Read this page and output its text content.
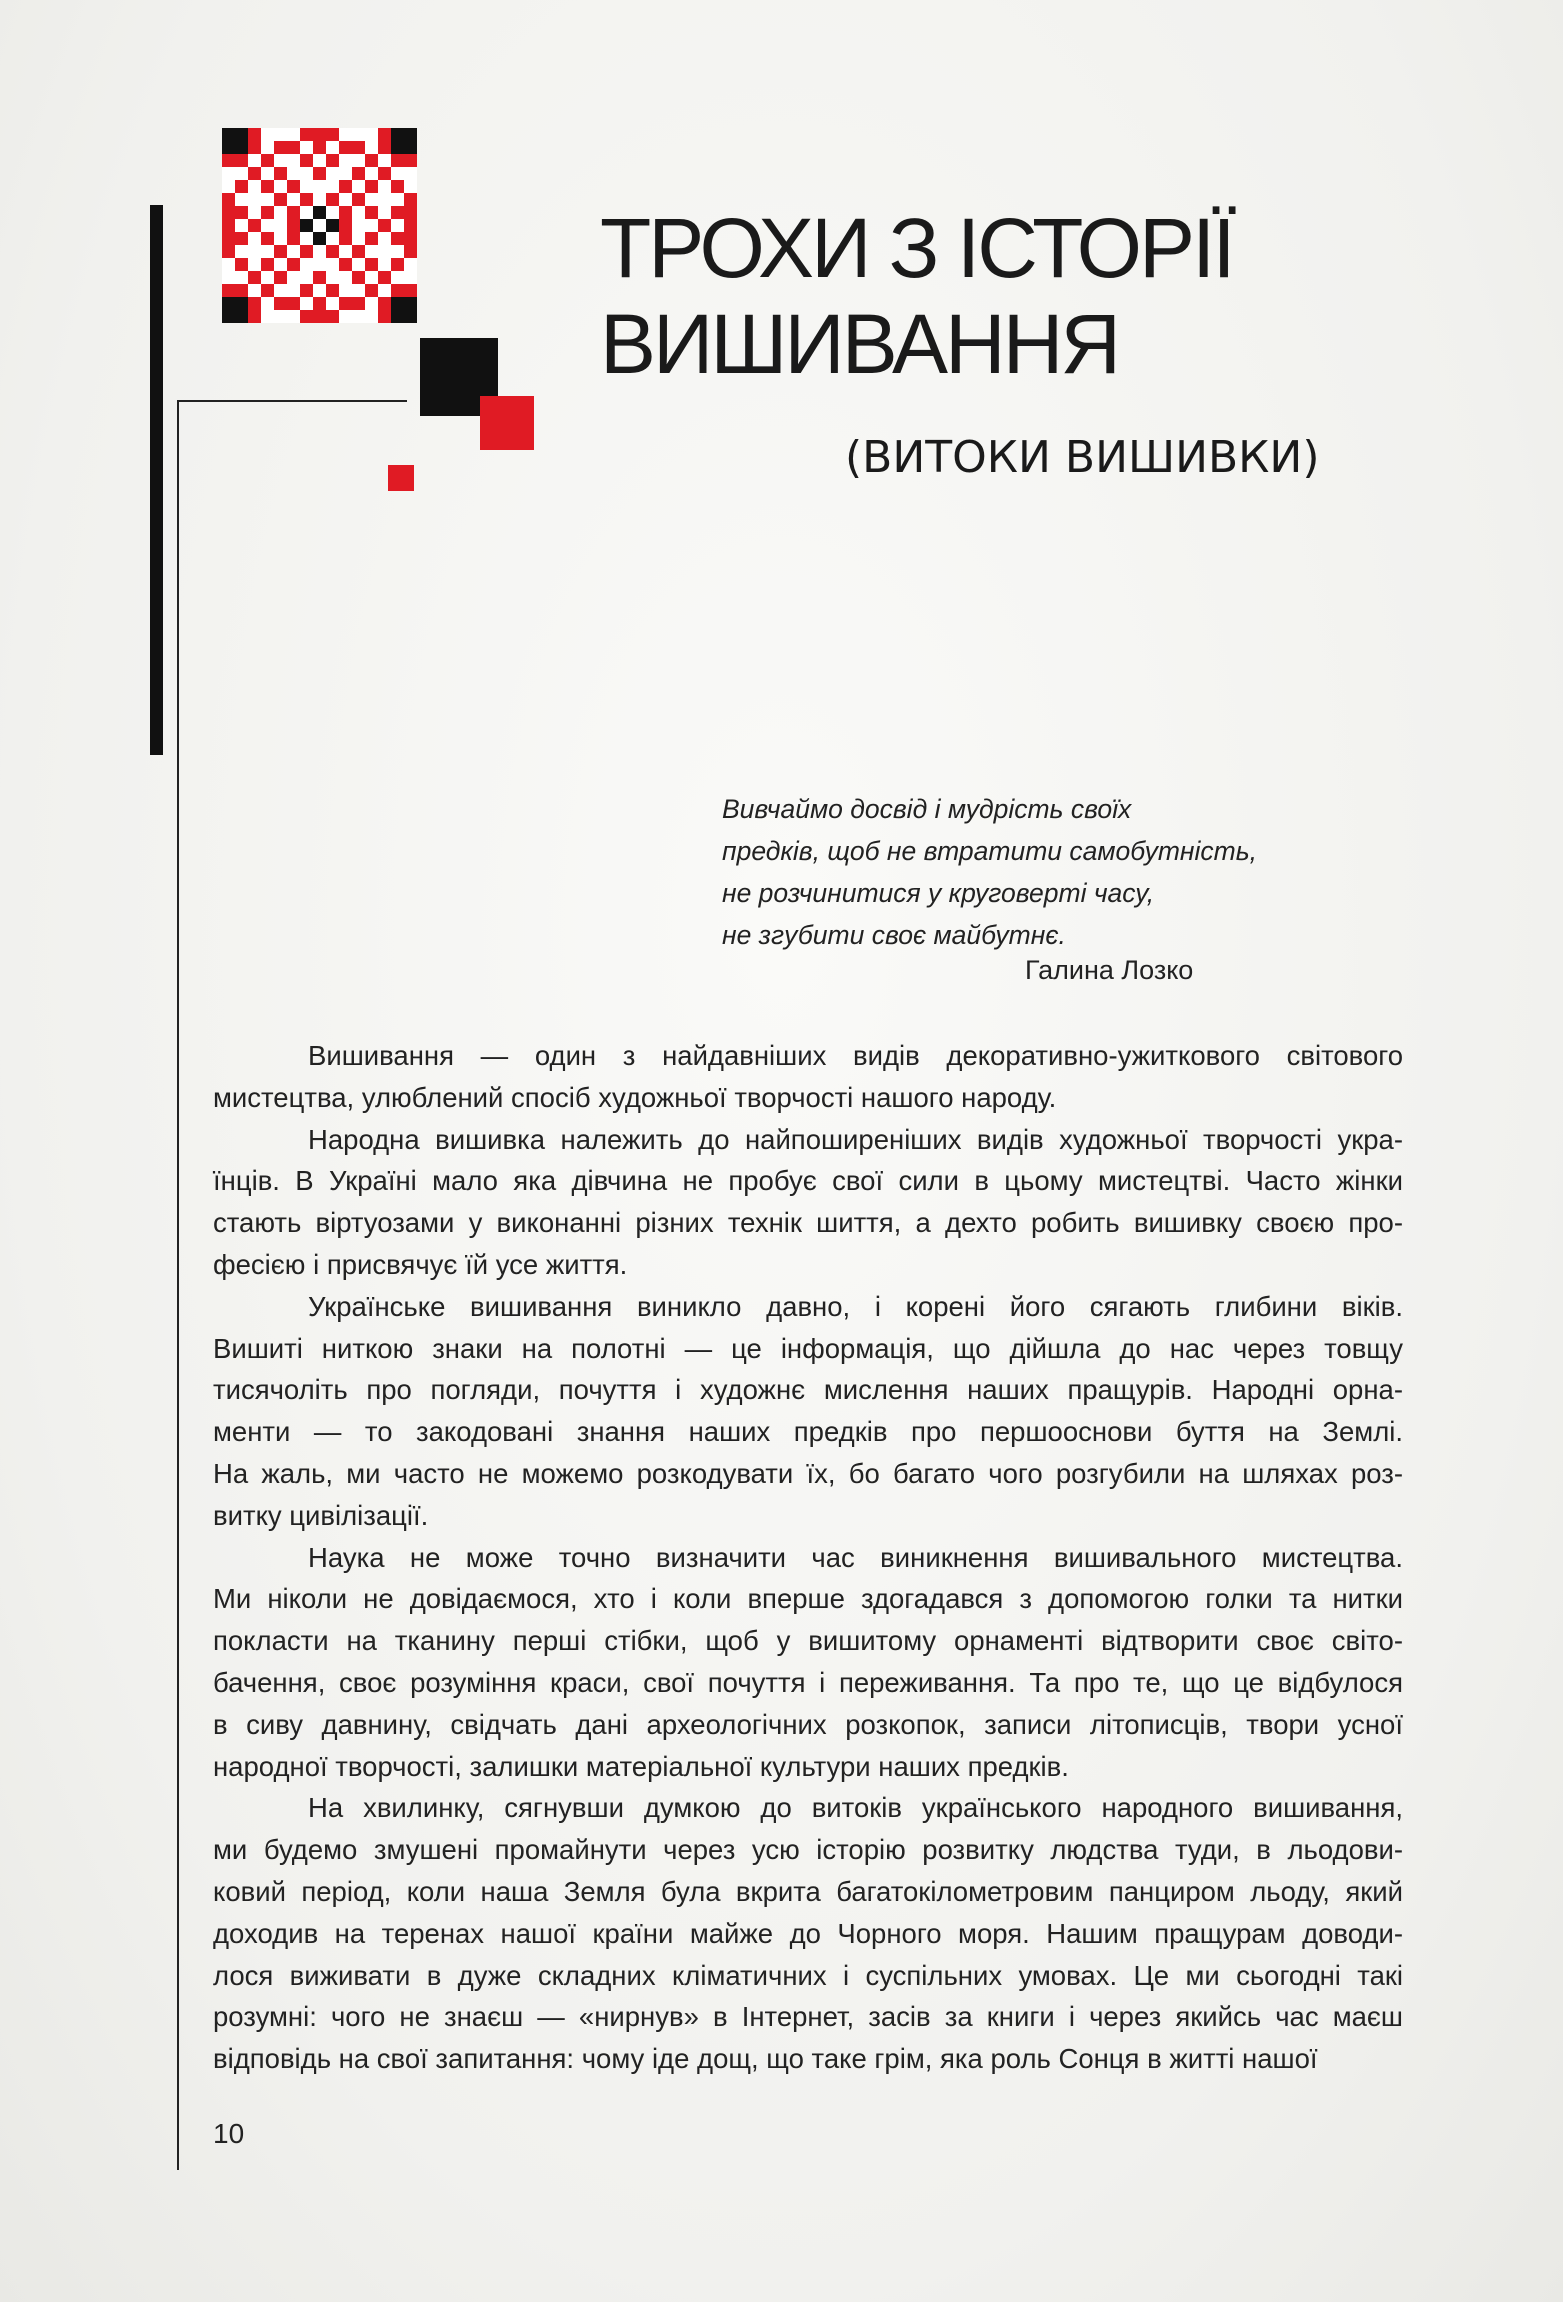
ТРОХИ З ІСТОРІЇ
ВИШИВАННЯ
(ВИТОКИ ВИШИВКИ)
Вивчаймо досвід і мудрість своїх
предків, щоб не втратити самобутність,
не розчинитися у круговерті часу,
не згубити своє майбутнє.
Галина Лозко
Вишивання — один з найдавніших видів декоративно-ужиткового світового
мистецтва, улюблений спосіб художньої творчості нашого народу.
Народна вишивка належить до найпоширеніших видів художньої творчості укра-
їнців. В Україні мало яка дівчина не пробує свої сили в цьому мистецтві. Часто жінки
стають віртуозами у виконанні різних технік шиття, а дехто робить вишивку своєю про-
фесією і присвячує їй усе життя.
Українське вишивання виникло давно, і корені його сягають глибини віків.
Вишиті ниткою знаки на полотні — це інформація, що дійшла до нас через товщу
тисячоліть про погляди, почуття і художнє мислення наших пращурів. Народні орна-
менти — то закодовані знання наших предків про першооснови буття на Землі.
На жаль, ми часто не можемо розкодувати їх, бо багато чого розгубили на шляхах роз-
витку цивілізації.
Наука не може точно визначити час виникнення вишивального мистецтва.
Ми ніколи не довідаємося, хто і коли вперше здогадався з допомогою голки та нитки
покласти на тканину перші стібки, щоб у вишитому орнаменті відтворити своє світо-
бачення, своє розуміння краси, свої почуття і переживання. Та про те, що це відбулося
в сиву давнину, свідчать дані археологічних розкопок, записи літописців, твори усної
народної творчості, залишки матеріальної культури наших предків.
На хвилинку, сягнувши думкою до витоків українського народного вишивання,
ми будемо змушені промайнути через усю історію розвитку людства туди, в льодови-
ковий період, коли наша Земля була вкрита багатокілометровим панциром льоду, який
доходив на теренах нашої країни майже до Чорного моря. Нашим пращурам доводи-
лося виживати в дуже складних кліматичних і суспільних умовах. Це ми сьогодні такі
розумні: чого не знаєш — «нирнув» в Інтернет, засів за книги і через якийсь час маєш
відповідь на свої запитання: чому іде дощ, що таке грім, яка роль Сонця в житті нашої
10
